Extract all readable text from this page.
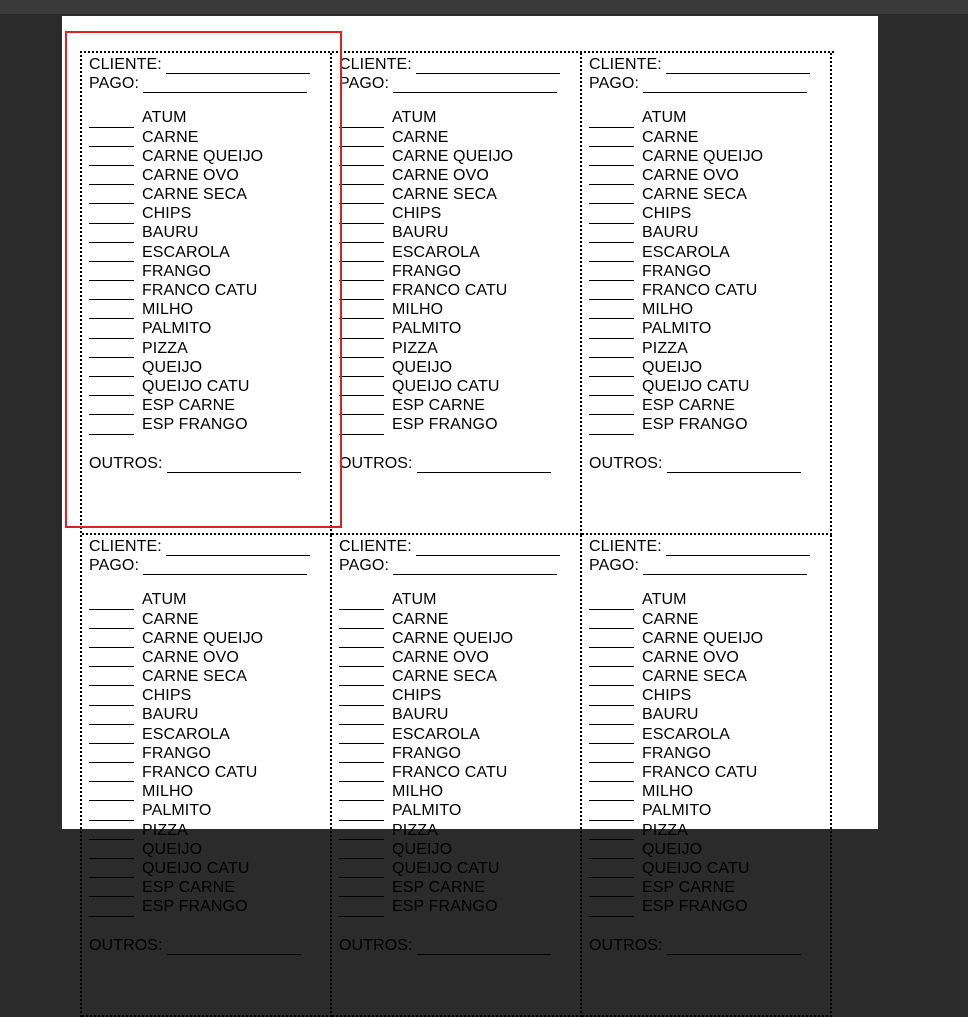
CLIENTE:
PAGO:
ATUM
CARNE
CARNE QUEIJO
CARNE OVO
CARNE SECA
CHIPS
BAURU
ESCAROLA
FRANGO
FRANCO CATU
MILHO
PALMITO
PIZZA
QUEIJO
QUEIJO CATU
ESP CARNE
ESP FRANGO
OUTROS:
CLIENTE:
PAGO:
ATUM
CARNE
CARNE QUEIJO
CARNE OVO
CARNE SECA
CHIPS
BAURU
ESCAROLA
FRANGO
FRANCO CATU
MILHO
PALMITO
PIZZA
QUEIJO
QUEIJO CATU
ESP CARNE
ESP FRANGO
OUTROS:
CLIENTE:
PAGO:
ATUM
CARNE
CARNE QUEIJO
CARNE OVO
CARNE SECA
CHIPS
BAURU
ESCAROLA
FRANGO
FRANCO CATU
MILHO
PALMITO
PIZZA
QUEIJO
QUEIJO CATU
ESP CARNE
ESP FRANGO
OUTROS:
CLIENTE:
PAGO:
ATUM
CARNE
CARNE QUEIJO
CARNE OVO
CARNE SECA
CHIPS
BAURU
ESCAROLA
FRANGO
FRANCO CATU
MILHO
PALMITO
PIZZA
QUEIJO
QUEIJO CATU
ESP CARNE
ESP FRANGO
OUTROS:
CLIENTE:
PAGO:
ATUM
CARNE
CARNE QUEIJO
CARNE OVO
CARNE SECA
CHIPS
BAURU
ESCAROLA
FRANGO
FRANCO CATU
MILHO
PALMITO
PIZZA
QUEIJO
QUEIJO CATU
ESP CARNE
ESP FRANGO
OUTROS:
CLIENTE:
PAGO:
ATUM
CARNE
CARNE QUEIJO
CARNE OVO
CARNE SECA
CHIPS
BAURU
ESCAROLA
FRANGO
FRANCO CATU
MILHO
PALMITO
PIZZA
QUEIJO
QUEIJO CATU
ESP CARNE
ESP FRANGO
OUTROS:
